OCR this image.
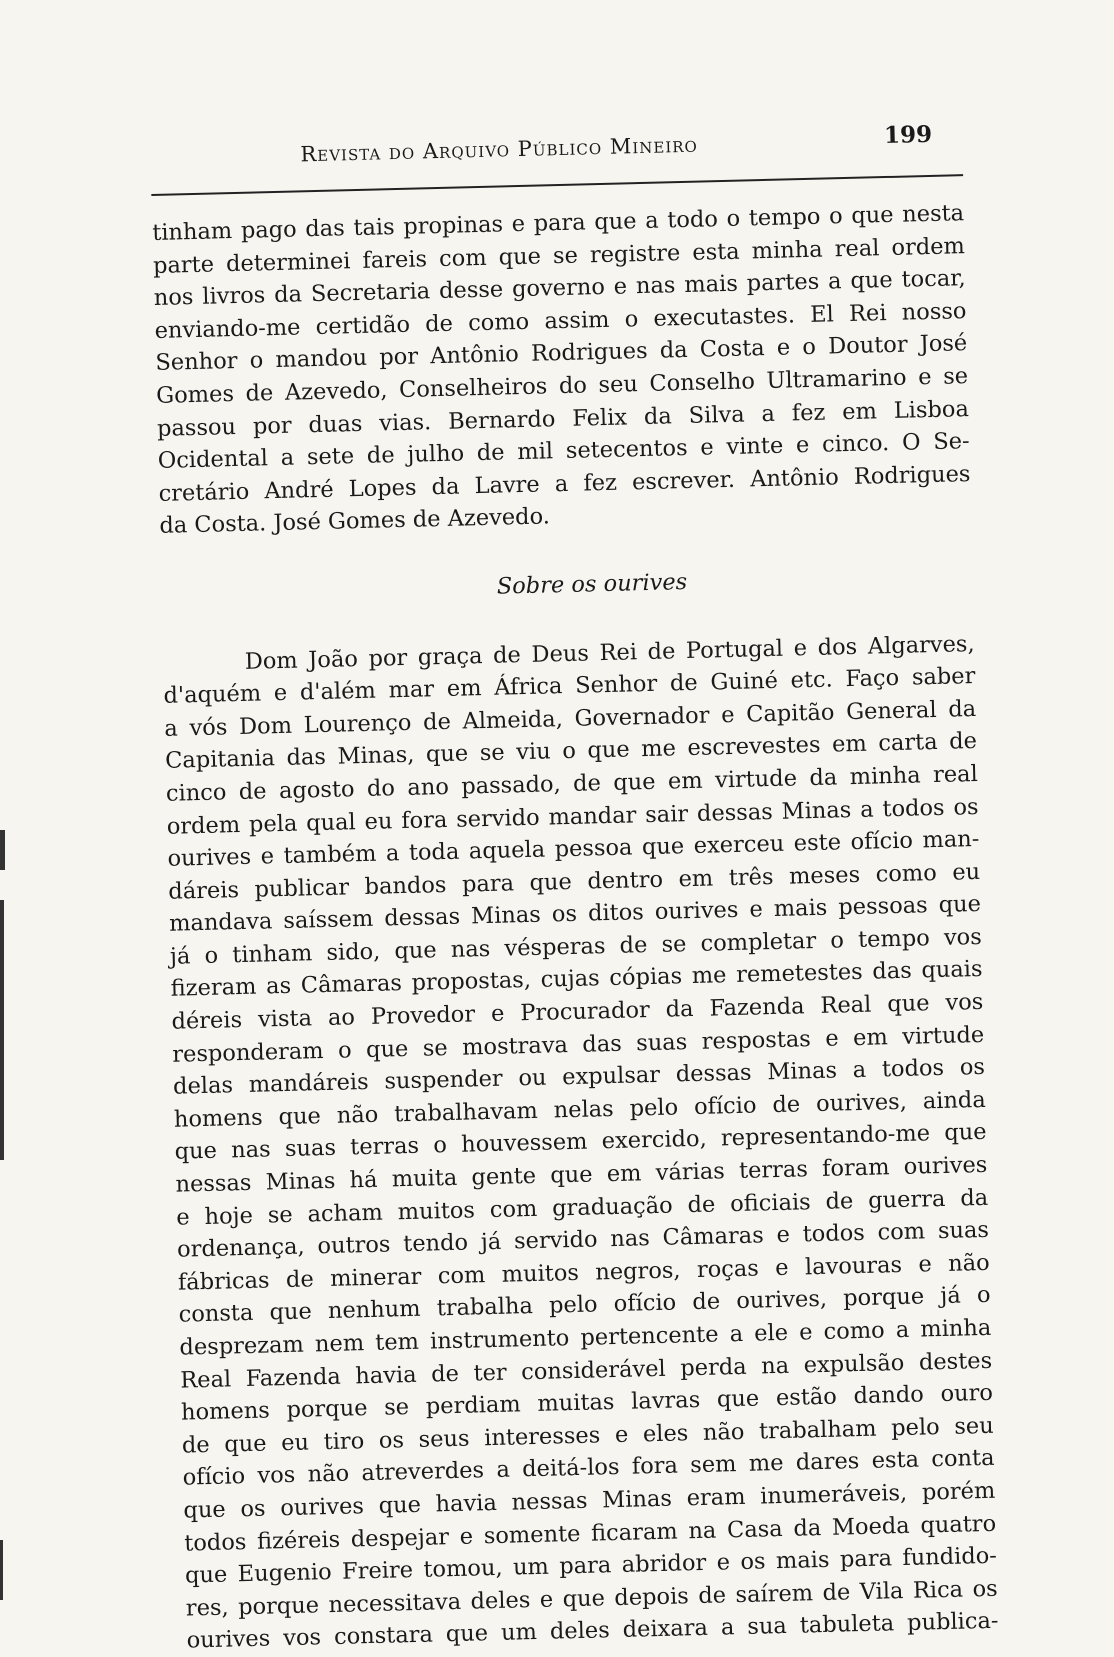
Revista do Arquivo Público Mineiro	199
tinham pago das tais propinas e para que a todo o tempo o que nesta
parte determinei fareis com que se registre esta minha real ordem
nos livros da Secretaria desse governo e nas mais partes a que tocar,
enviando-me certidão de como assim o executastes. El Rei nosso
Senhor o mandou por Antônio Rodrigues da Costa e o Doutor José
Gomes de Azevedo, Conselheiros do seu Conselho Ultramarino e se
passou por duas vias. Bernardo Felix da Silva a fez em Lisboa
Ocidental a sete de julho de mil setecentos e vinte e cinco. O Se-
cretário André Lopes da Lavre a fez escrever. Antônio Rodrigues
da Costa. José Gomes de Azevedo.
Sobre os ourives
Dom João por graça de Deus Rei de Portugal e dos Algarves,
d'aquém e d'além mar em África Senhor de Guiné etc. Faço saber
a vós Dom Lourenço de Almeida, Governador e Capitão General da
Capitania das Minas, que se viu o que me escrevestes em carta de
cinco de agosto do ano passado, de que em virtude da minha real
ordem pela qual eu fora servido mandar sair dessas Minas a todos os
ourives e também a toda aquela pessoa que exerceu este ofício man-
dáreis publicar bandos para que dentro em três meses como eu
mandava saíssem dessas Minas os ditos ourives e mais pessoas que
já o tinham sido, que nas vésperas de se completar o tempo vos
fizeram as Câmaras propostas, cujas cópias me remetestes das quais
déreis vista ao Provedor e Procurador da Fazenda Real que vos
responderam o que se mostrava das suas respostas e em virtude
delas mandáreis suspender ou expulsar dessas Minas a todos os
homens que não trabalhavam nelas pelo ofício de ourives, ainda
que nas suas terras o houvessem exercido, representando-me que
nessas Minas há muita gente que em várias terras foram ourives
e hoje se acham muitos com graduação de oficiais de guerra da
ordenança, outros tendo já servido nas Câmaras e todos com suas
fábricas de minerar com muitos negros, roças e lavouras e não
consta que nenhum trabalha pelo ofício de ourives, porque já o
desprezam nem tem instrumento pertencente a ele e como a minha
Real Fazenda havia de ter considerável perda na expulsão destes
homens porque se perdiam muitas lavras que estão dando ouro
de que eu tiro os seus interesses e eles não trabalham pelo seu
ofício vos não atreverdes a deitá-los fora sem me dares esta conta
que os ourives que havia nessas Minas eram inumeráveis, porém
todos fizéreis despejar e somente ficaram na Casa da Moeda quatro
que Eugenio Freire tomou, um para abridor e os mais para fundido-
res, porque necessitava deles e que depois de saírem de Vila Rica os
ourives vos constara que um deles deixara a sua tabuleta publica-
